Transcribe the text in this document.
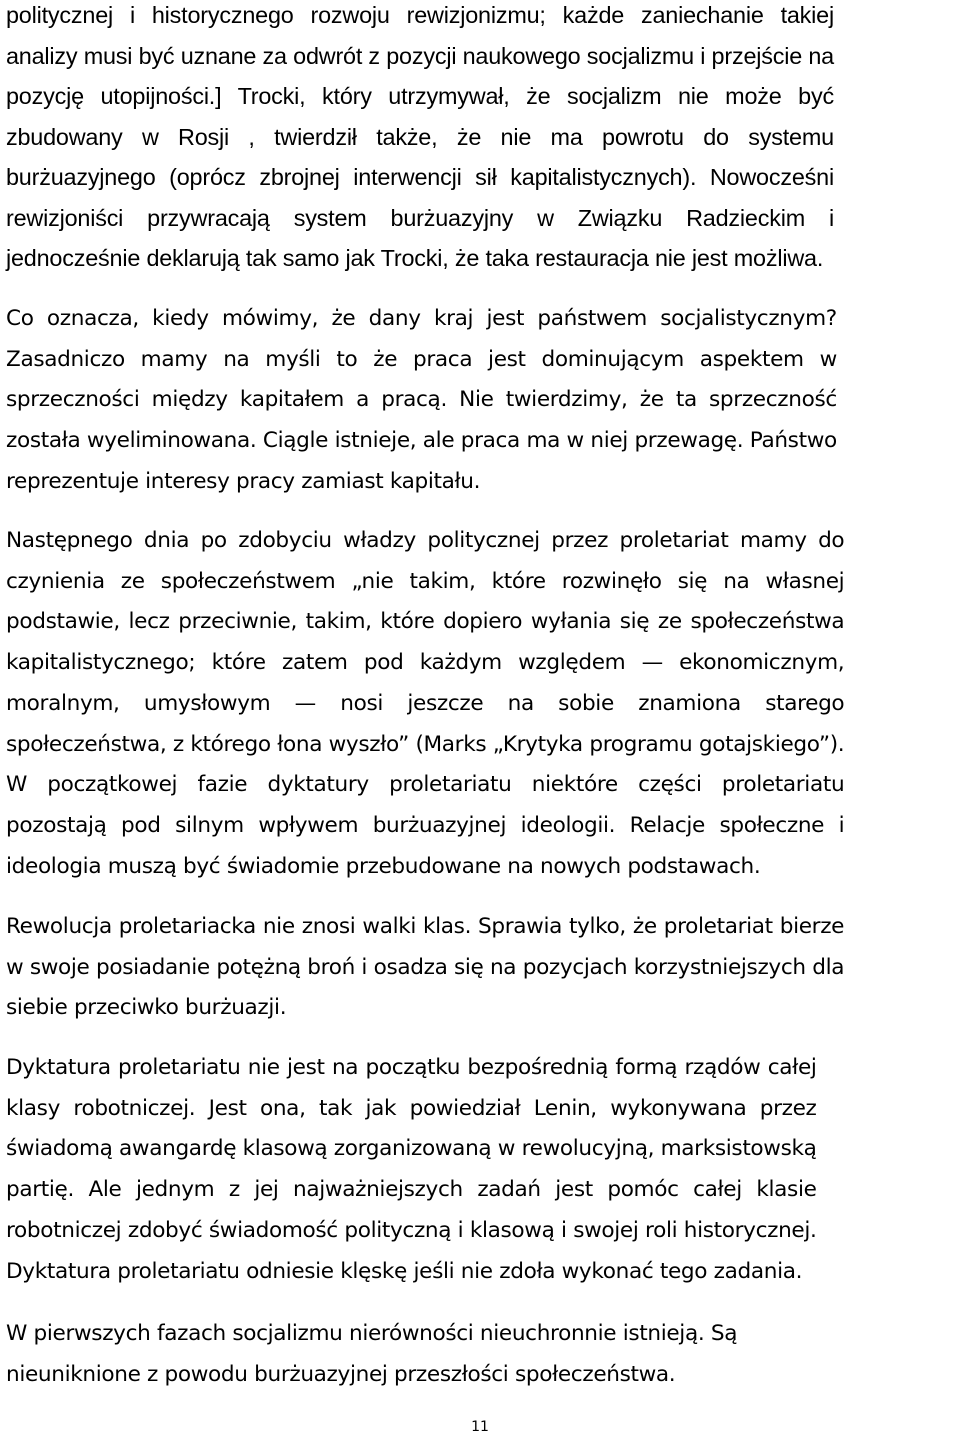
politycznej i historycznego rozwoju rewizjonizmu; każde zaniechanie takiej
analizy musi być uznane za odwrót z pozycji naukowego socjalizmu i przejście na
pozycję utopijności.] Trocki, który utrzymywał, że socjalizm nie może być
zbudowany w Rosji , twierdził także, że nie ma powrotu do systemu
burżuazyjnego (oprócz zbrojnej interwencji sił kapitalistycznych). Nowocześni
rewizjoniści przywracają system burżuazyjny w Związku Radzieckim i
jednocześnie deklarują tak samo jak Trocki, że taka restauracja nie jest możliwa.
Co oznacza, kiedy mówimy, że dany kraj jest państwem socjalistycznym?
Zasadniczo mamy na myśli to że praca jest dominującym aspektem w
sprzeczności między kapitałem a pracą. Nie twierdzimy, że ta sprzeczność
została wyeliminowana. Ciągle istnieje, ale praca ma w niej przewagę. Państwo
reprezentuje interesy pracy zamiast kapitału.
Następnego dnia po zdobyciu władzy politycznej przez proletariat mamy do
czynienia ze społeczeństwem „nie takim, które rozwinęło się na własnej
podstawie, lecz przeciwnie, takim, które dopiero wyłania się ze społeczeństwa
kapitalistycznego; które zatem pod każdym względem — ekonomicznym,
moralnym, umysłowym — nosi jeszcze na sobie znamiona starego
społeczeństwa, z którego łona wyszło” (Marks „Krytyka programu gotajskiego”).
W początkowej fazie dyktatury proletariatu niektóre części proletariatu
pozostają pod silnym wpływem burżuazyjnej ideologii. Relacje społeczne i
ideologia muszą być świadomie przebudowane na nowych podstawach.
Rewolucja proletariacka nie znosi walki klas. Sprawia tylko, że proletariat bierze
w swoje posiadanie potężną broń i osadza się na pozycjach korzystniejszych dla
siebie przeciwko burżuazji.
Dyktatura proletariatu nie jest na początku bezpośrednią formą rządów całej
klasy robotniczej. Jest ona, tak jak powiedział Lenin, wykonywana przez
świadomą awangardę klasową zorganizowaną w rewolucyjną, marksistowską
partię. Ale jednym z jej najważniejszych zadań jest pomóc całej klasie
robotniczej zdobyć świadomość polityczną i klasową i swojej roli historycznej.
Dyktatura proletariatu odniesie klęskę jeśli nie zdoła wykonać tego zadania.
W pierwszych fazach socjalizmu nierówności nieuchronnie istnieją. Są
nieuniknione z powodu burżuazyjnej przeszłości społeczeństwa.
11
